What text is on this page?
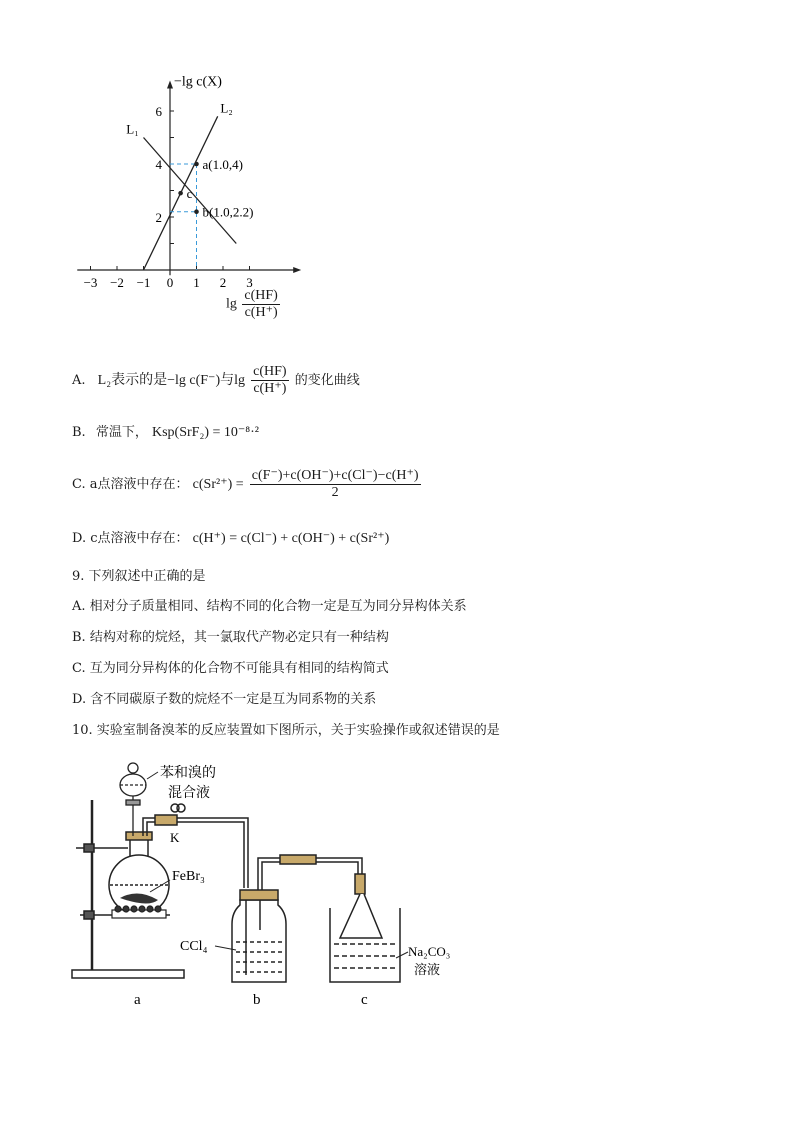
−3 −2 −1 0 1 2 3
2
4
6
−lg c(X)
L₁
L₂
a(1.0,4)
b(1.0,2.2)
c
$\lg \frac{c(HF)}{c(H^+)}$
A. L₂表示的是−lg c(F⁻)与$\lg \frac{c(HF)}{c(H^+)}$ 的变化曲线
B. 常温下， Ksp(SrF₂) = 10⁻⁸·²
C. a点溶液中存在： $c(Sr^{2+}) = \frac{c(F^-)+c(OH^-)+c(Cl^-)-c(H^+)}{2}$
D. c点溶液中存在： c(H⁺) = c(Cl⁻) + c(OH⁻) + c(Sr²⁺)
9. 下列叙述中正确的是
A. 相对分子质量相同、结构不同的化合物一定是互为同分异构体关系
B. 结构对称的烷烃，其一氯取代产物必定只有一种结构
C. 互为同分异构体的化合物不可能具有相同的结构简式
D. 含不同碳原子数的烷烃不一定是互为同系物的关系
10. 实验室制备溴苯的反应装置如下图所示，关于实验操作或叙述错误的是
苯和溴的
混合液
K
FeBr₃
CCl₄	Na₂CO₃
溶液
a	b	c
